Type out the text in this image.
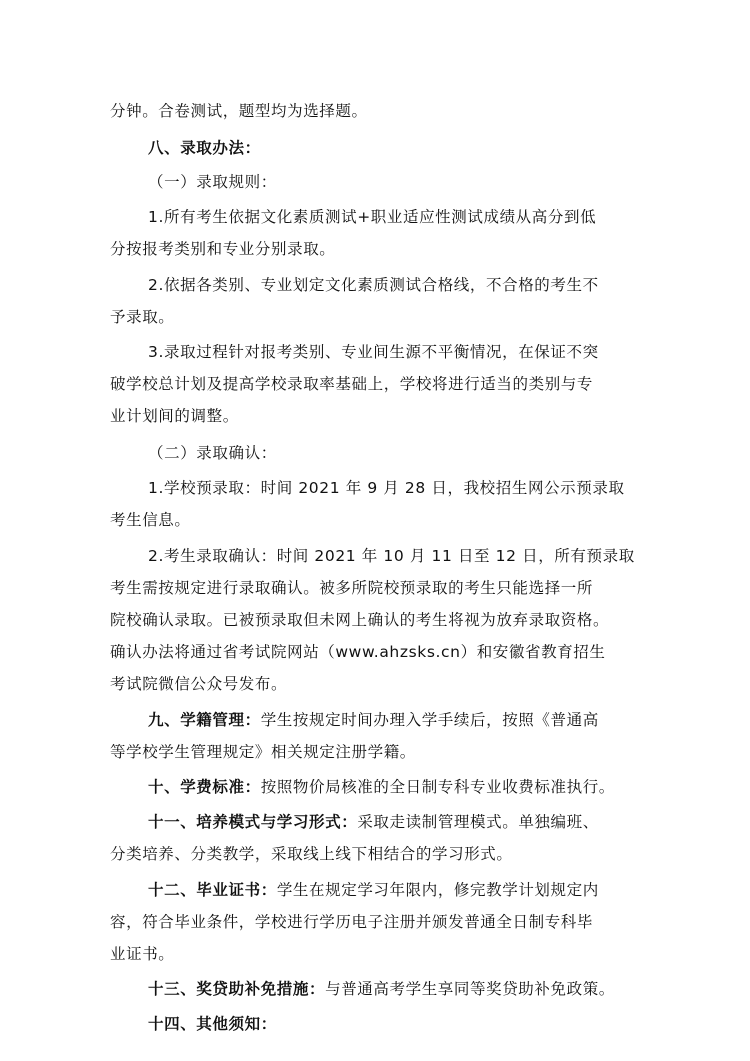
分钟。合卷测试，题型均为选择题。
八、录取办法：
（一）录取规则：
1.所有考生依据文化素质测试+职业适应性测试成绩从高分到低
分按报考类别和专业分别录取。
2.依据各类别、专业划定文化素质测试合格线，不合格的考生不
予录取。
3.录取过程针对报考类别、专业间生源不平衡情况，在保证不突
破学校总计划及提高学校录取率基础上，学校将进行适当的类别与专
业计划间的调整。
（二）录取确认：
1.学校预录取：时间 2021 年 9 月 28 日，我校招生网公示预录取
考生信息。
2.考生录取确认：时间 2021 年 10 月 11 日至 12 日，所有预录取
考生需按规定进行录取确认。被多所院校预录取的考生只能选择一所
院校确认录取。已被预录取但未网上确认的考生将视为放弃录取资格。
确认办法将通过省考试院网站（www.ahzsks.cn）和安徽省教育招生
考试院微信公众号发布。
九、学籍管理：学生按规定时间办理入学手续后，按照《普通高
等学校学生管理规定》相关规定注册学籍。
十、学费标准：按照物价局核准的全日制专科专业收费标准执行。
十一、培养模式与学习形式：采取走读制管理模式。单独编班、
分类培养、分类教学，采取线上线下相结合的学习形式。
十二、毕业证书：学生在规定学习年限内，修完教学计划规定内
容，符合毕业条件，学校进行学历电子注册并颁发普通全日制专科毕
业证书。
十三、奖贷助补免措施：与普通高考学生享同等奖贷助补免政策。
十四、其他须知：
